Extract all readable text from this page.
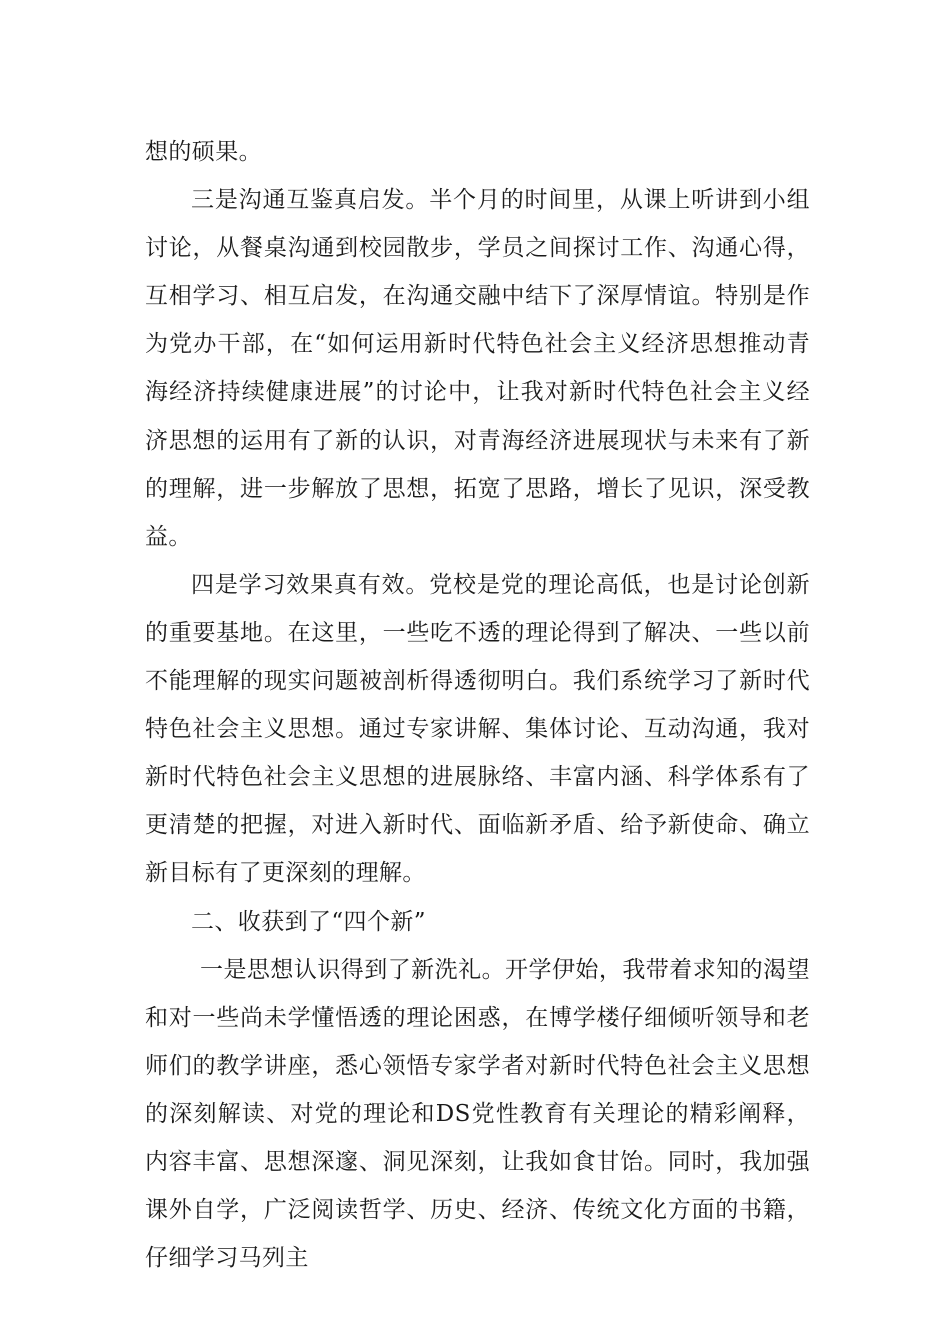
想的硕果。

三是沟通互鉴真启发。半个月的时间里，从课上听讲到小组讨论，从餐桌沟通到校园散步，学员之间探讨工作、沟通心得，互相学习、相互启发，在沟通交融中结下了深厚情谊。特别是作为党办干部，在“如何运用新时代特色社会主义经济思想推动青海经济持续健康进展”的讨论中，让我对新时代特色社会主义经济思想的运用有了新的认识，对青海经济进展现状与未来有了新的理解，进一步解放了思想，拓宽了思路，增长了见识，深受教益。

四是学习效果真有效。党校是党的理论高低，也是讨论创新的重要基地。在这里，一些吃不透的理论得到了解决、一些以前不能理解的现实问题被剖析得透彻明白。我们系统学习了新时代特色社会主义思想。通过专家讲解、集体讨论、互动沟通，我对新时代特色社会主义思想的进展脉络、丰富内涵、科学体系有了更清楚的把握，对进入新时代、面临新矛盾、给予新使命、确立新目标有了更深刻的理解。

二、收获到了“四个新”

一是思想认识得到了新洗礼。开学伊始，我带着求知的渴望和对一些尚未学懂悟透的理论困惑，在博学楼仔细倾听领导和老师们的教学讲座，悉心领悟专家学者对新时代特色社会主义思想的深刻解读、对党的理论和DS党性教育有关理论的精彩阐释，内容丰富、思想深邃、洞见深刻，让我如食甘饴。同时，我加强课外自学，广泛阅读哲学、历史、经济、传统文化方面的书籍，仔细学习马列主
